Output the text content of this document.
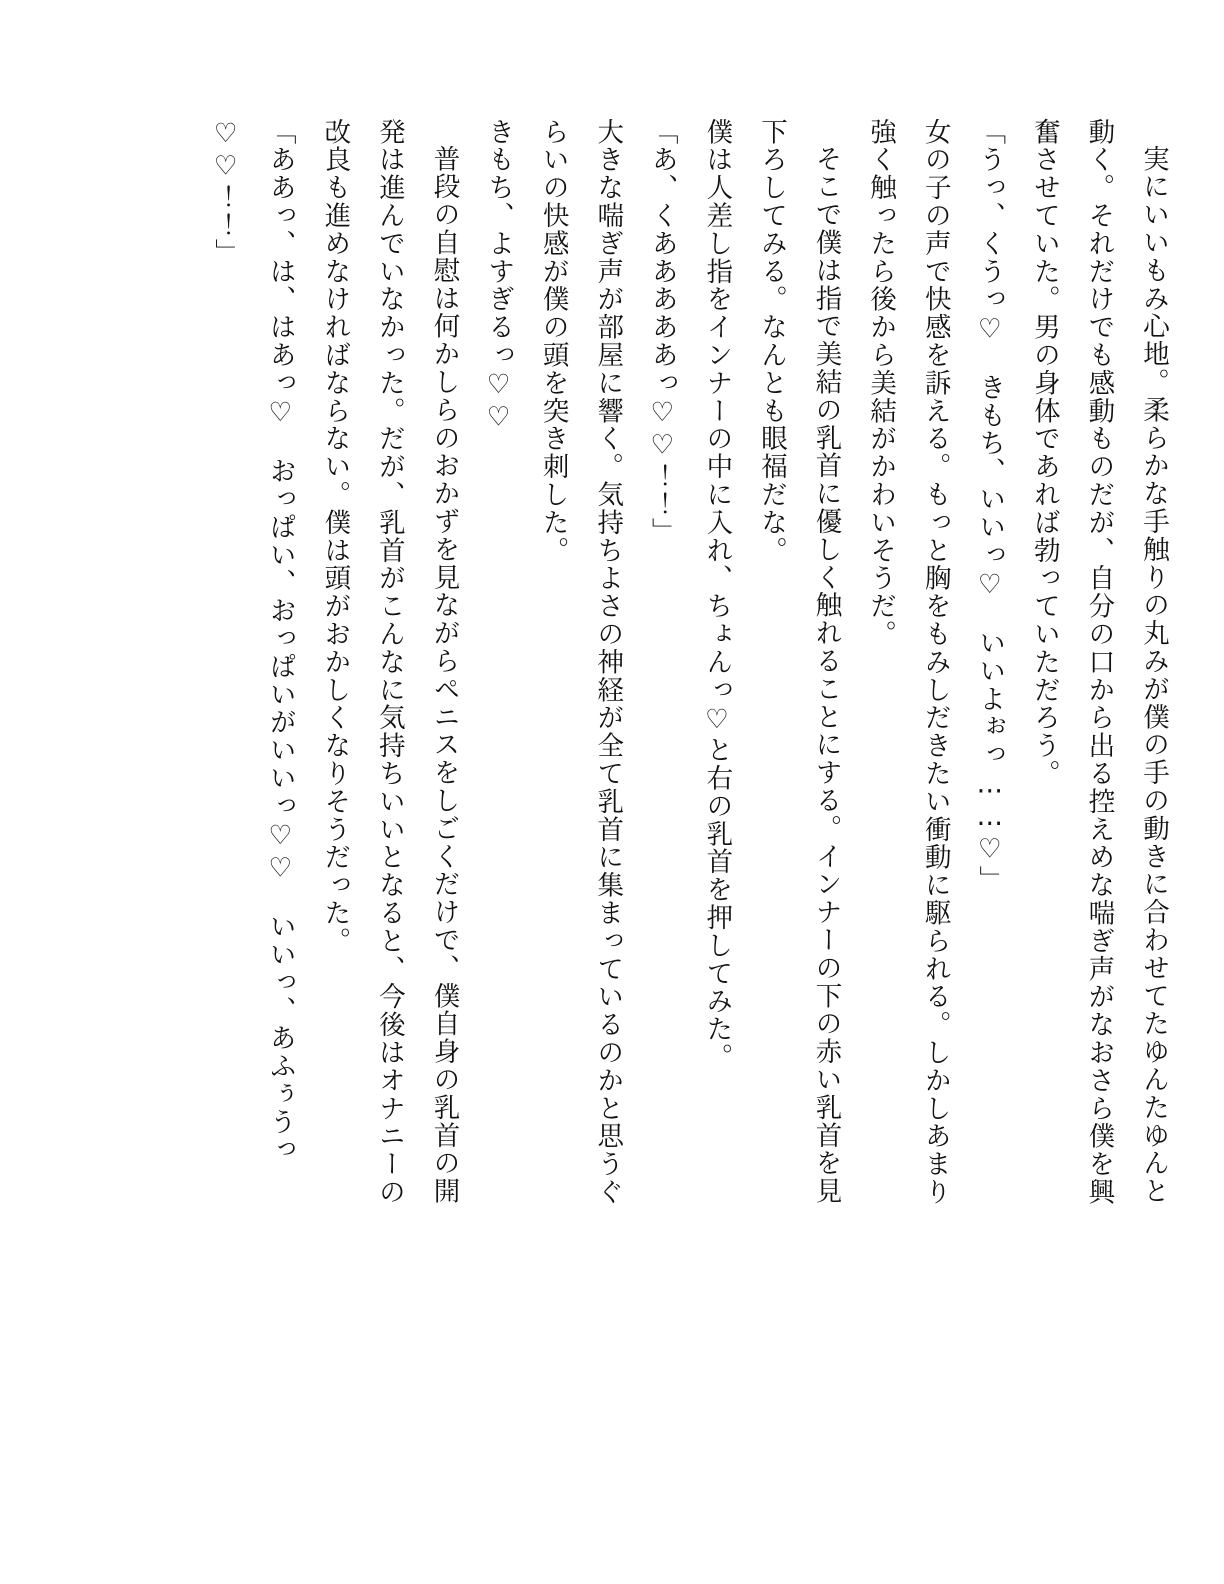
実にいいもみ心地。柔らかな手触りの丸みが僕の手の動きに合わせてたゆんたゆんと動く。それだけでも感動ものだが、自分の口から出る控えめな喘ぎ声がなおさら僕を興奮させていた。男の身体であれば勃っていただろう。

「うっ、くうっ♡　きもち、いいっ♡　いいよぉっ……♡」

女の子の声で快感を訴える。もっと胸をもみしだきたい衝動に駆られる。しかしあまり強く触ったら後から美結がかわいそうだ。

そこで僕は指で美結の乳首に優しく触れることにする。インナーの下の赤い乳首を見下ろしてみる。なんとも眼福だな。

僕は人差し指をインナーの中に入れ、ちょんっ♡と右の乳首を押してみた。

「あ、くあああああっ♡♡！！」

大きな喘ぎ声が部屋に響く。気持ちよさの神経が全て乳首に集まっているのかと思うぐらいの快感が僕の頭を突き刺した。

きもち、よすぎるっ♡♡

普段の自慰は何かしらのおかずを見ながらペニスをしごくだけで、僕自身の乳首の開発は進んでいなかった。だが、乳首がこんなに気持ちいいとなると、今後はオナニーの改良も進めなければならない。僕は頭がおかしくなりそうだった。

「ああっ、は、はあっ♡　おっぱい、おっぱいがいいっ♡♡　いいっ、あふぅうっ♡♡！！」
